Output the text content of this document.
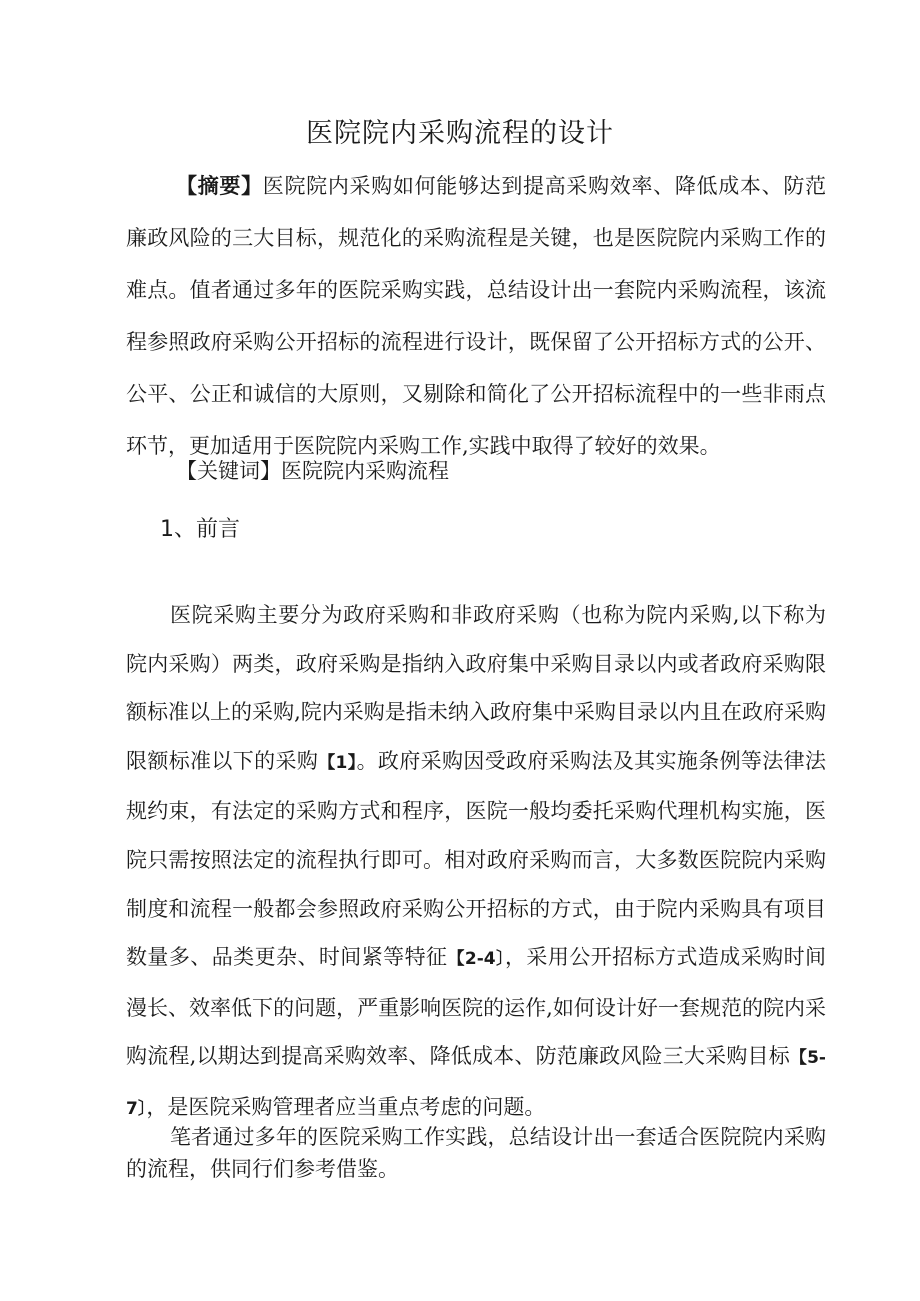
医院院内采购流程的设计
【摘要】医院院内采购如何能够达到提高采购效率、降低成本、防范廉政风险的三大目标，规范化的采购流程是关键，也是医院院内采购工作的难点。值者通过多年的医院采购实践，总结设计出一套院内采购流程，该流程参照政府采购公开招标的流程进行设计，既保留了公开招标方式的公开、公平、公正和诚信的大原则，又剔除和简化了公开招标流程中的一些非雨点环节，更加适用于医院院内采购工作,实践中取得了较好的效果。
【关键词】医院院内采购流程
1、前言
医院采购主要分为政府采购和非政府采购（也称为院内采购,以下称为院内采购）两类，政府采购是指纳入政府集中采购目录以内或者政府采购限额标准以上的采购,院内采购是指未纳入政府集中采购目录以内且在政府采购限额标准以下的采购【1】。政府采购因受政府采购法及其实施条例等法律法规约束，有法定的采购方式和程序，医院一般均委托采购代理机构实施，医院只需按照法定的流程执行即可。相对政府采购而言，大多数医院院内采购制度和流程一般都会参照政府采购公开招标的方式，由于院内采购具有项目数量多、品类更杂、时间紧等特征【2-4〕，采用公开招标方式造成采购时间漫长、效率低下的问题，严重影响医院的运作,如何设计好一套规范的院内采购流程,以期达到提高采购效率、降低成本、防范廉政风险三大采购目标【5-7〕，是医院采购管理者应当重点考虑的问题。
笔者通过多年的医院采购工作实践，总结设计出一套适合医院院内采购的流程，供同行们参考借鉴。
